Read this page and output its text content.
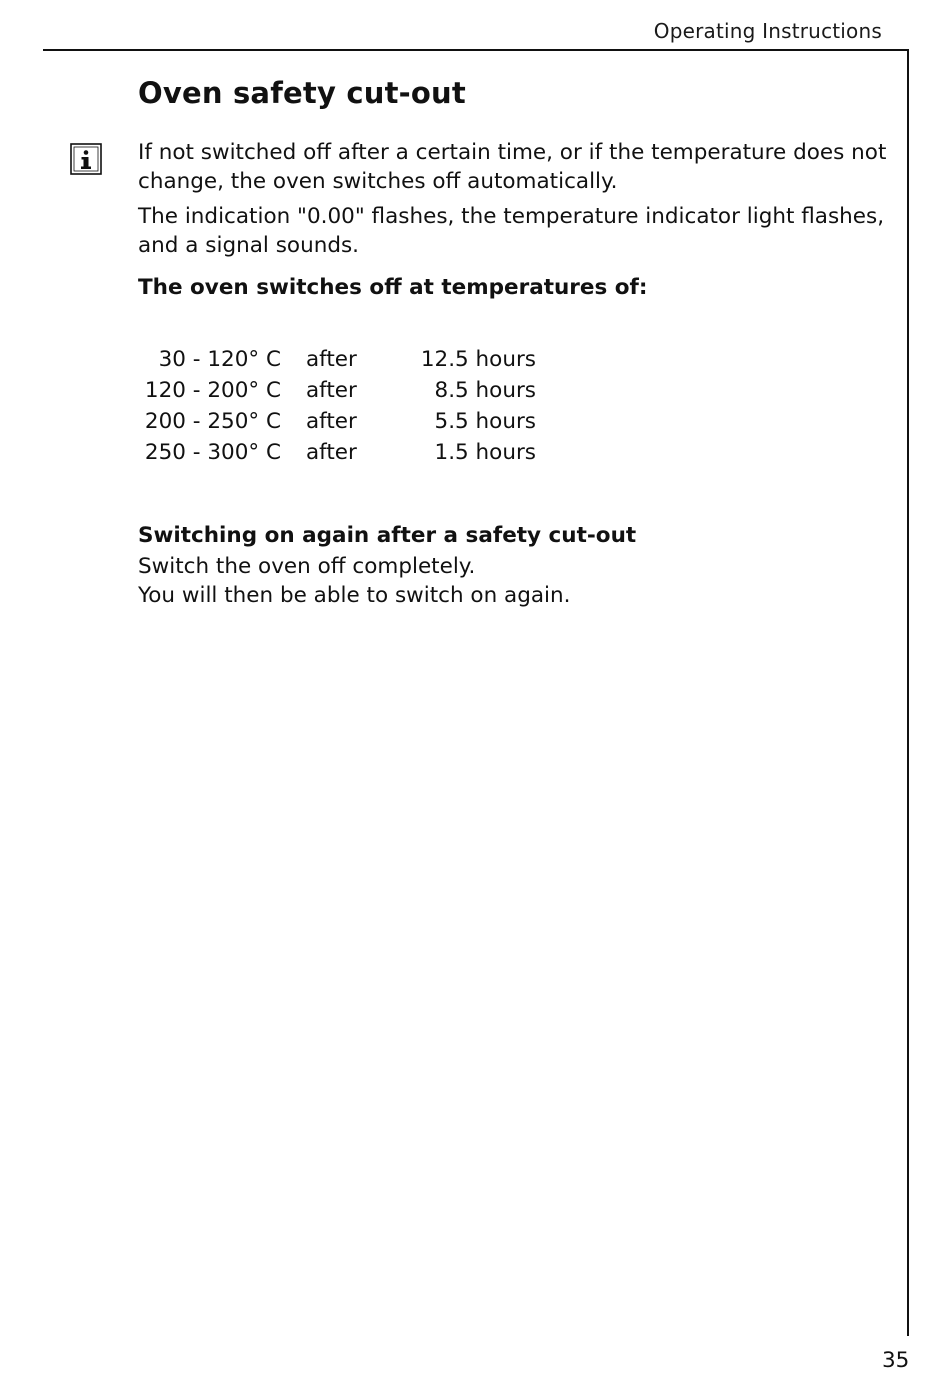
Operating Instructions
Oven safety cut-out

If not switched off after a certain time, or if the temperature does not change, the oven switches off automatically.

The indication "0.00" flashes, the temperature indicator light flashes, and a signal sounds.

The oven switches off at temperatures of:

30 - 120° C		after	12.5 hours
120 - 200° C		after	8.5 hours
200 - 250° C		after	5.5 hours
250 - 300° C		after	1.5 hours

Switching on again after a safety cut-out

Switch the oven off completely.
You will then be able to switch on again.
35
